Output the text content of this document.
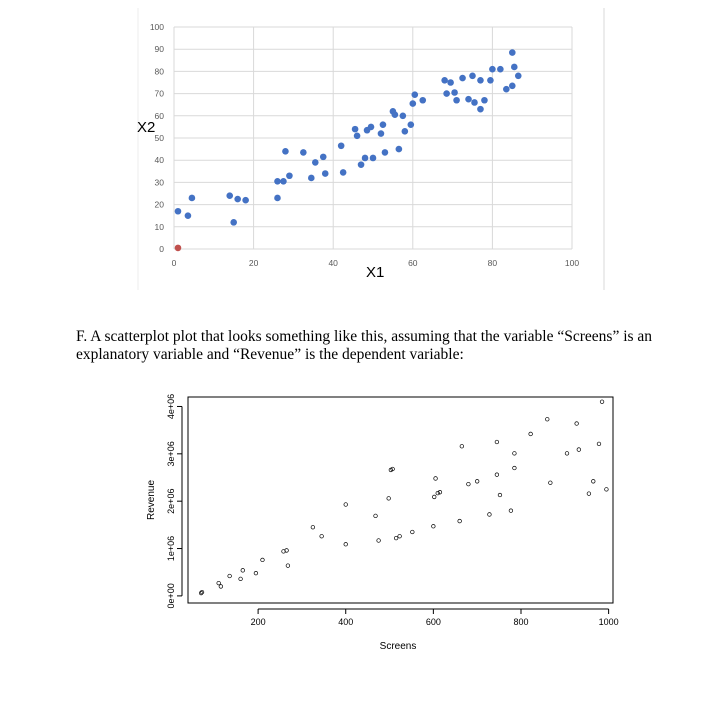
0
10
20
30
40
50
60
70
80
90
100
0	20	40	60	80	100
X2
X1
F. A scatterplot plot that looks something like this, assuming that the variable “Screens” is an explanatory variable and “Revenue” is the dependent variable:
200	400	600	800	1000
0e+00
1e+06
2e+06
3e+06
4e+06
Screens
Revenue
